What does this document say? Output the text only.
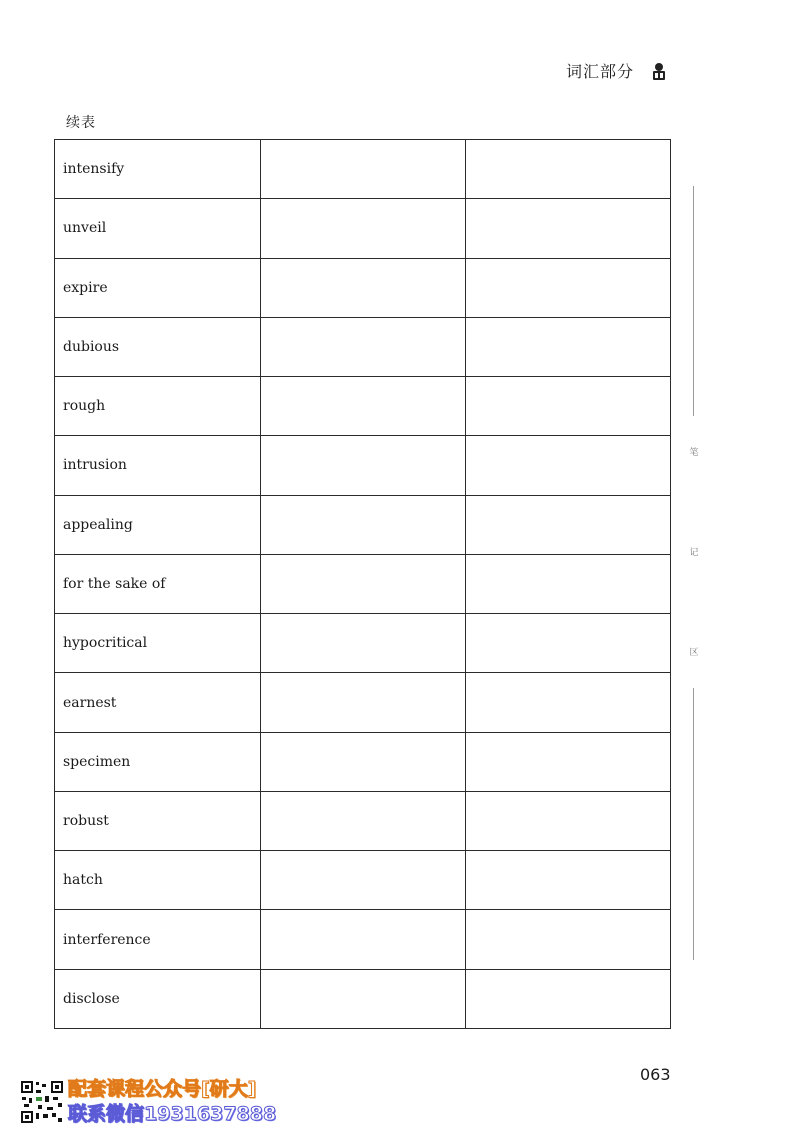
词汇部分
续表
intensify		
unveil		
expire		
dubious		
rough		
intrusion		
appealing		
for the sake of		
hypocritical		
earnest		
specimen		
robust		
hatch		
interference		
disclose		
笔
记
区
063
配套课程公众号[研大]
联系微信1931637888
